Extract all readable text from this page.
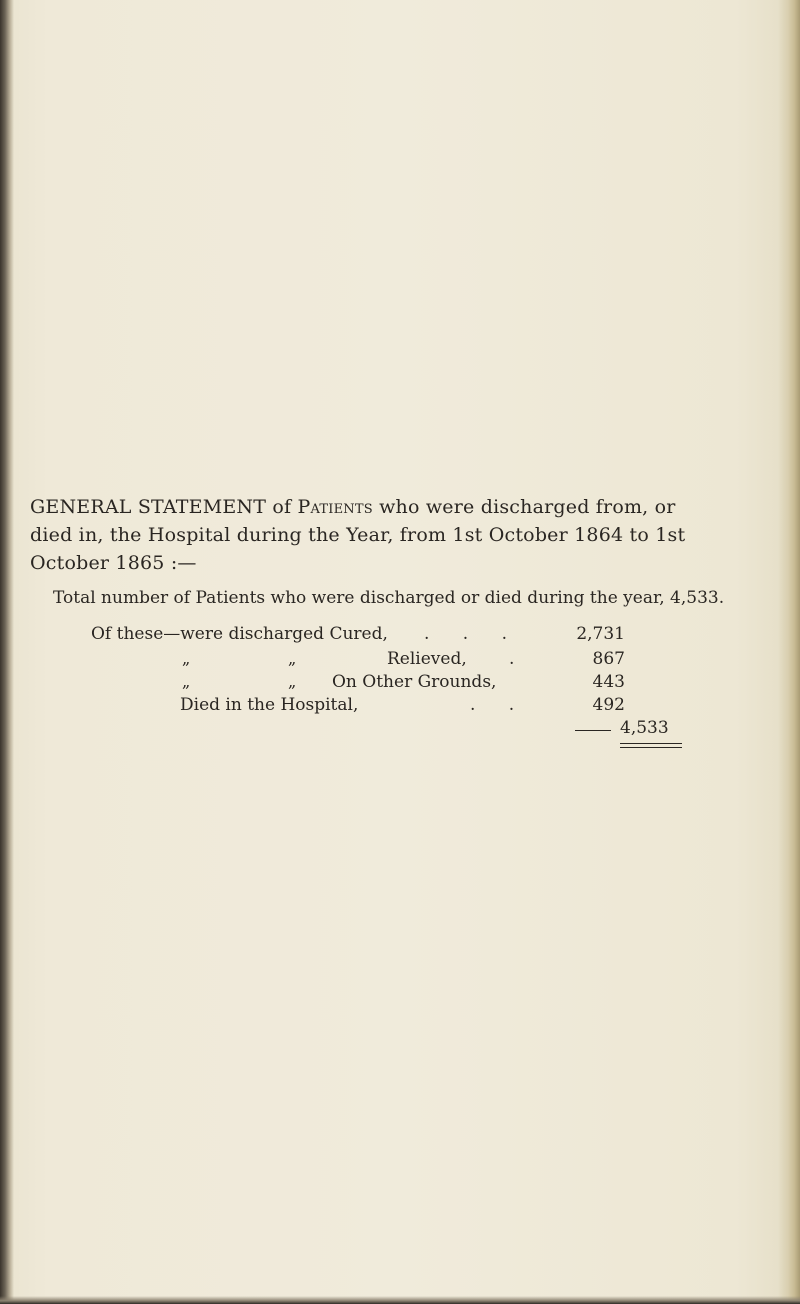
GENERAL STATEMENT of Patients who were discharged from, or
died in, the Hospital during the Year, from 1st October 1864 to 1st
October 1865 :—
Total number of Patients who were discharged or died during the year, 4,533.
Of these—were discharged Cured, . . .	2,731
„	„	Relieved, .	867
„	„ On Other Grounds,	443
Died in the Hospital,	. .	492
4,533
